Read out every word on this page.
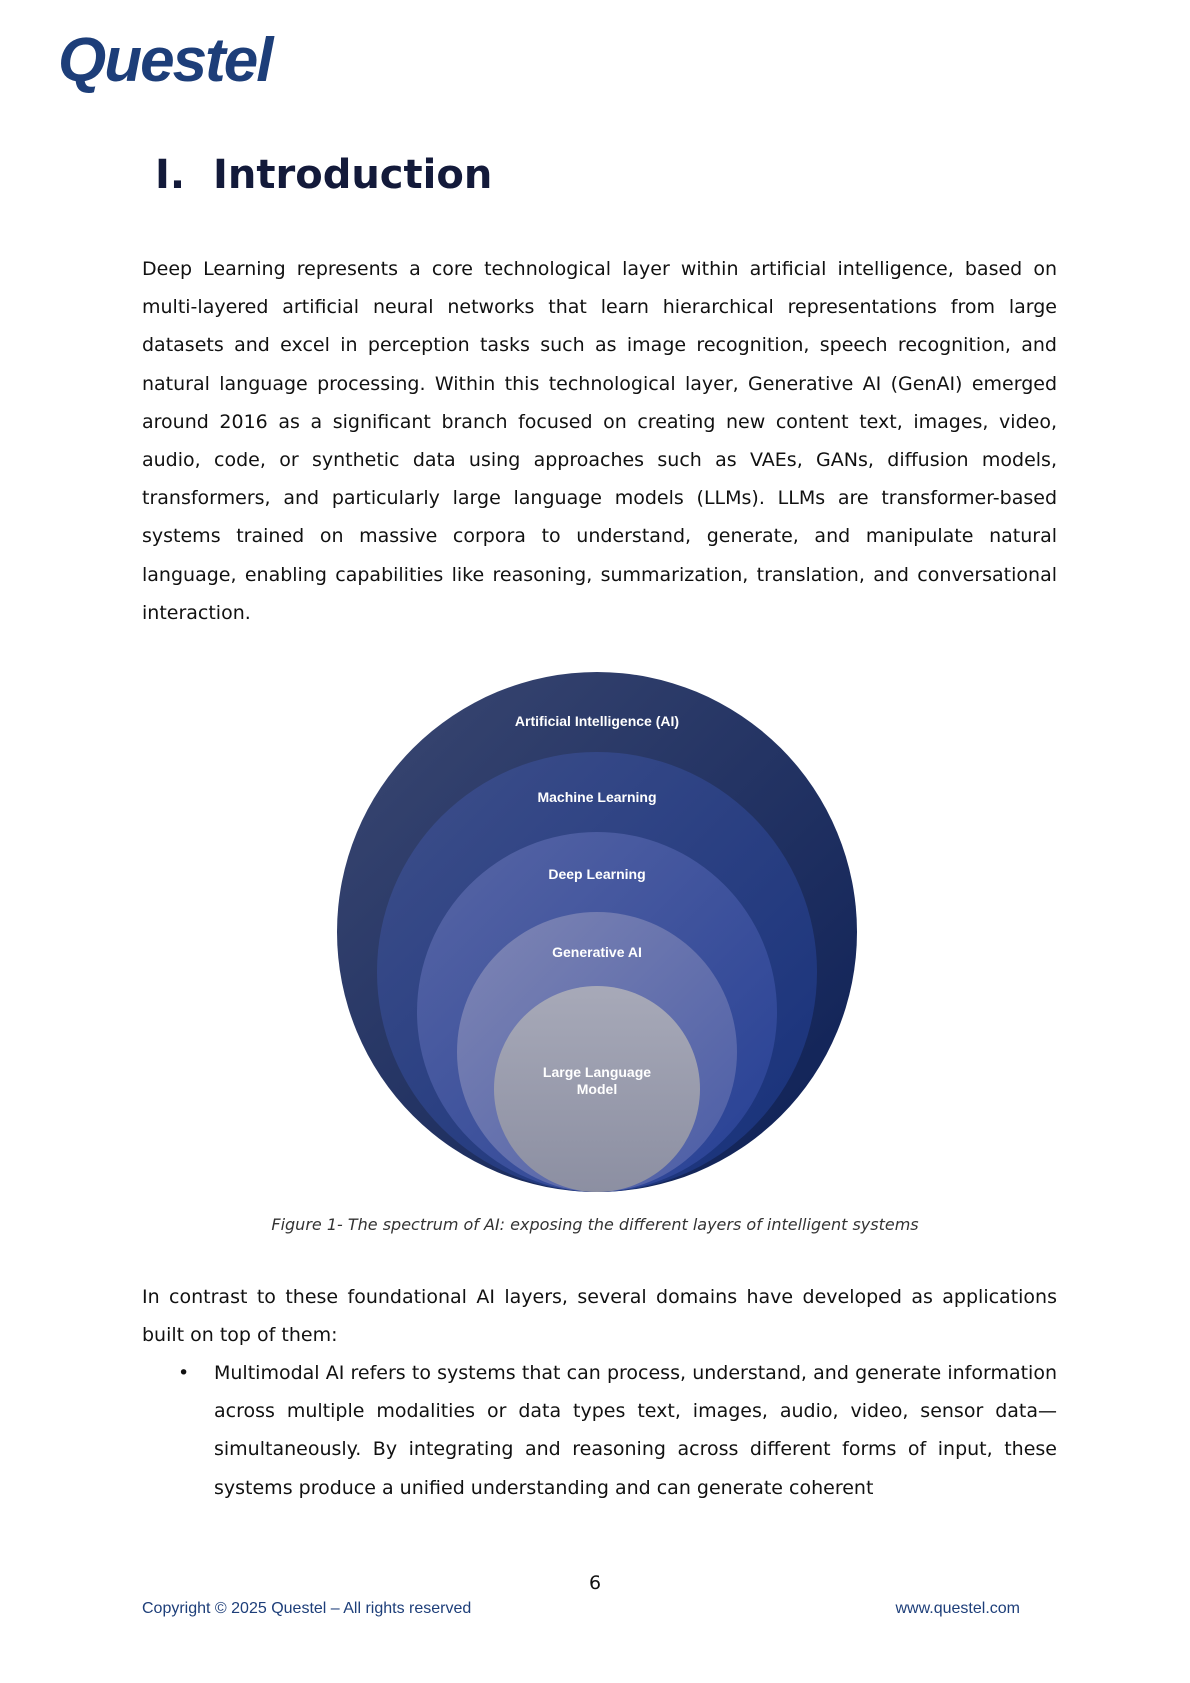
Questel
I. Introduction

Deep Learning represents a core technological layer within artificial intelligence, based on multi-layered artificial neural networks that learn hierarchical representations from large datasets and excel in perception tasks such as image recognition, speech recognition, and natural language processing. Within this technological layer, Generative AI (GenAI) emerged around 2016 as a significant branch focused on creating new content text, images, video, audio, code, or synthetic data using approaches such as VAEs, GANs, diffusion models, transformers, and particularly large language models (LLMs). LLMs are transformer-based systems trained on massive corpora to understand, generate, and manipulate natural language, enabling capabilities like reasoning, summarization, translation, and conversational interaction.

Artificial Intelligence (AI)
Machine Learning
Deep Learning
Generative AI
Large Language
Model
Figure 1- The spectrum of AI: exposing the different layers of intelligent systems

In contrast to these foundational AI layers, several domains have developed as applications built on top of them:

• Multimodal AI refers to systems that can process, understand, and generate information across multiple modalities or data types text, images, audio, video, sensor data—simultaneously. By integrating and reasoning across different forms of input, these systems produce a unified understanding and can generate coherent
6
Copyright © 2025 Questel – All rights reserved	www.questel.com
